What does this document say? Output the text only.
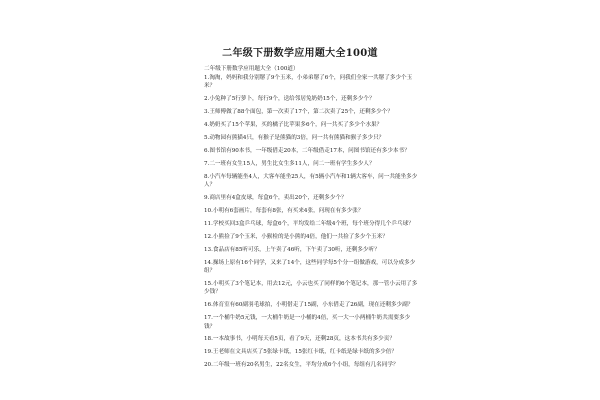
二年级下册数学应用题大全100道
二年级下册数学应用题大全（100道）
1.淘淘，妈妈和我分别掰了9个玉米，小弟弟掰了6个，问我们全家一共掰了多少个玉米？
2.小兔种了5行萝卜，每行9个，送给邻居兔奶奶15个，还剩多少个？
3.王师傅做了88个面包，第一次卖了17个，第二次卖了25个，还剩多少个？
4.奶奶买了15个苹果，买的橘子比苹果多6个，问一共买了多少个水果？
5.动物园有熊猫4只，有猴子是熊猫的3倍，问一共有熊猫和猴子多少只？
6.图书馆有90本书，一年级借走20本，二年级借走17本，问图书馆还有多少本书？
7.二一班有女生15人，男生比女生多11人，问二一班有学生多少人？
8.小汽车每辆能坐4人，大客车能坐25人，有5辆小汽车和1辆大客车，问一共能坐多少人？
9.商店里有4盒皮球，每盒6个，卖出20个，还剩多少个？
10.小明有6套画片，每套有8张，有买来4张，问现在有多少张？
11.学校买回3盒乒乓球，每盒6个，平均发给二年级4个班，每个班分得几个乒乓球？
12.小熊捡了9个玉米，小猴检的是小熊的4倍，他们一共捡了多少个玉米？
13.食品店有85听可乐，上午卖了46听，下午卖了30听，还剩多少听？
14.操场上原有16个同学，又来了14个，这些同学每5个分一组做游戏，可以分成多少组？
15.小明买了3个笔记本，用去12元，小云也买了同样的6个笔记本，那一管小云用了多少钱？
16.体育室有60副羽毛球拍，小明借走了15副，小东借走了26副，现在还剩多少副？
17.一个桶牛奶5元钱，一大桶牛奶是一小桶的4倍，买一大一小两桶牛奶共需要多少钱？
18.一本故事书，小明每天看5页，看了9天，还剩28页，这本书共有多少页？
19.王老师在文具店买了5张绿卡纸，15张红卡纸，红卡纸是绿卡纸的多少倍？
20.二年级一班有20名男生，22名女生，平均分成6个小组，每组有几名同学？
